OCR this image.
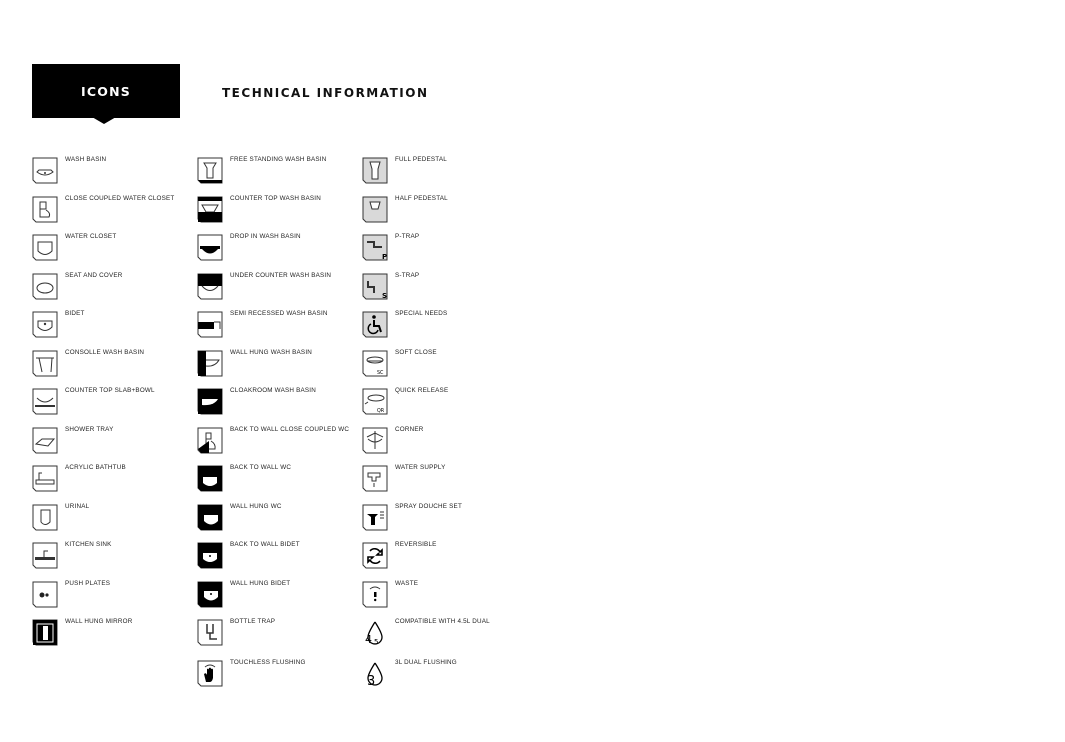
ICONS	TECHNICAL INFORMATION
WASH BASIN
CLOSE COUPLED WATER CLOSET
WATER CLOSET
SEAT AND COVER
BIDET
CONSOLLE WASH BASIN
COUNTER TOP SLAB+BOWL
SHOWER TRAY
ACRYLIC BATHTUB
URINAL
KITCHEN SINK
PUSH PLATES
WALL HUNG MIRROR
FREE STANDING WASH BASIN
COUNTER TOP WASH BASIN
DROP IN WASH BASIN
UNDER COUNTER WASH BASIN
SEMI RECESSED WASH BASIN
WALL HUNG WASH BASIN
CLOAKROOM WASH BASIN
BACK TO WALL CLOSE COUPLED WC
BACK TO WALL WC
WALL HUNG WC
BACK TO WALL BIDET
WALL HUNG BIDET
BOTTLE TRAP
TOUCHLESS FLUSHING
FULL PEDESTAL
HALF PEDESTAL
P
P-TRAP
S
S-TRAP
SPECIAL NEEDS
SC
SOFT CLOSE
QR
QUICK RELEASE
CORNER
WATER SUPPLY
SPRAY DOUCHE SET
REVERSIBLE
WASTE
4 5
COMPATIBLE WITH 4.5L DUAL
3
3L DUAL FLUSHING
